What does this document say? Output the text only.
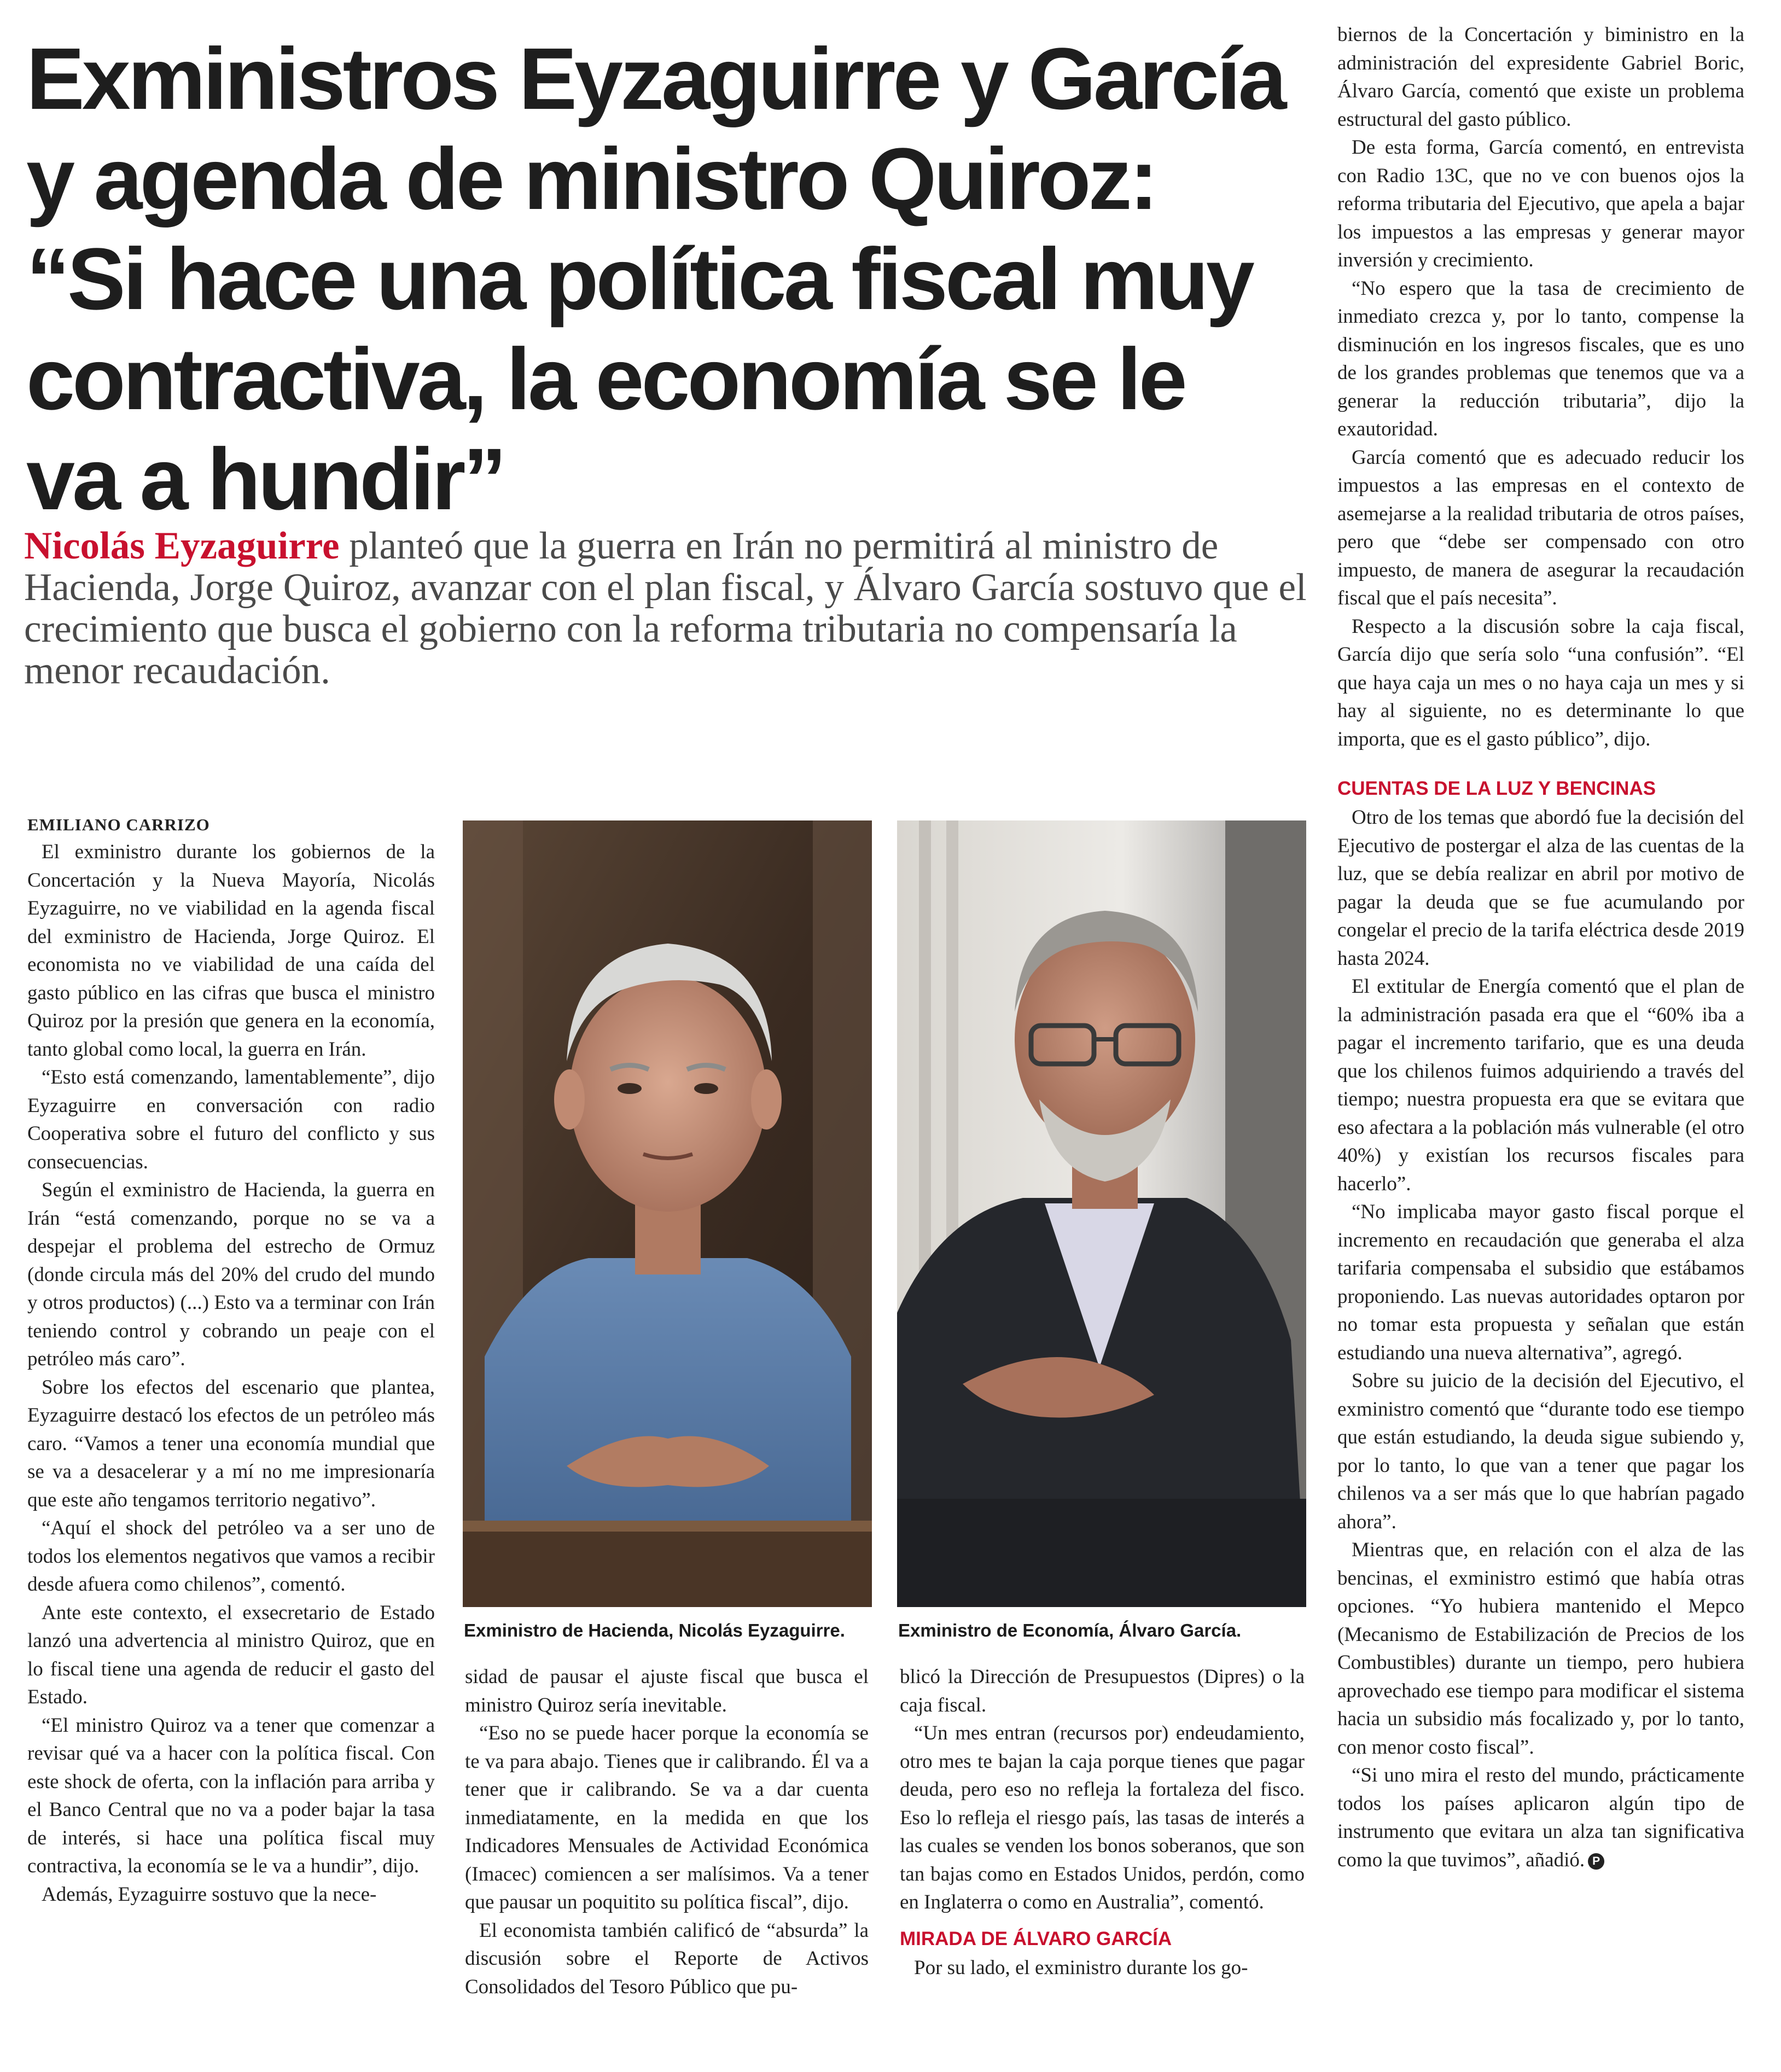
Exministros Eyzaguirre y García
y agenda de ministro Quiroz:
“Si hace una política fiscal muy
contractiva, la economía se le
va a hundir”
Nicolás Eyzaguirre planteó que la guerra en Irán no permitirá al ministro de
Hacienda, Jorge Quiroz, avanzar con el plan fiscal, y Álvaro García sostuvo que el
crecimiento que busca el gobierno con la reforma tributaria no compensaría la
menor recaudación.
EMILIANO CARRIZO

El exministro durante los gobiernos de la Concertación y la Nueva Mayoría, Nicolás Eyzaguirre, no ve viabilidad en la agenda fiscal del exministro de Hacienda, Jorge Quiroz. El economista no ve viabilidad de una caída del gasto público en las cifras que busca el ministro Quiroz por la presión que genera en la economía, tanto global como local, la guerra en Irán.

“Esto está comenzando, lamentablemente”, dijo Eyzaguirre en conversación con radio Cooperativa sobre el futuro del conflicto y sus consecuencias.

Según el exministro de Hacienda, la guerra en Irán “está comenzando, porque no se va a despejar el problema del estrecho de Ormuz (donde circula más del 20% del crudo del mundo y otros productos) (...) Esto va a terminar con Irán teniendo control y cobrando un peaje con el petróleo más caro”.

Sobre los efectos del escenario que plantea, Eyzaguirre destacó los efectos de un petróleo más caro. “Vamos a tener una economía mundial que se va a desacelerar y a mí no me impresionaría que este año tengamos territorio negativo”.

“Aquí el shock del petróleo va a ser uno de todos los elementos negativos que vamos a recibir desde afuera como chilenos”, comentó.

Ante este contexto, el exsecretario de Estado lanzó una advertencia al ministro Quiroz, que en lo fiscal tiene una agenda de reducir el gasto del Estado.

“El ministro Quiroz va a tener que comenzar a revisar qué va a hacer con la política fiscal. Con este shock de oferta, con la inflación para arriba y el Banco Central que no va a poder bajar la tasa de interés, si hace una política fiscal muy contractiva, la economía se le va a hundir”, dijo.

Además, Eyzaguirre sostuvo que la nece-

Exministro de Hacienda, Nicolás Eyzaguirre.	Exministro de Economía, Álvaro García.

sidad de pausar el ajuste fiscal que busca el ministro Quiroz sería inevitable.

“Eso no se puede hacer porque la economía se te va para abajo. Tienes que ir calibrando. Él va a tener que ir calibrando. Se va a dar cuenta inmediatamente, en la medida en que los Indicadores Mensuales de Actividad Económica (Imacec) comiencen a ser malísimos. Va a tener que pausar un poquitito su política fiscal”, dijo.

El economista también calificó de “absurda” la discusión sobre el Reporte de Activos Consolidados del Tesoro Público que pu-

blicó la Dirección de Presupuestos (Dipres) o la caja fiscal.

“Un mes entran (recursos por) endeudamiento, otro mes te bajan la caja porque tienes que pagar deuda, pero eso no refleja la fortaleza del fisco. Eso lo refleja el riesgo país, las tasas de interés a las cuales se venden los bonos soberanos, que son tan bajas como en Estados Unidos, perdón, como en Inglaterra o como en Australia”, comentó.

MIRADA DE ÁLVARO GARCÍA

Por su lado, el exministro durante los go-

biernos de la Concertación y biministro en la administración del expresidente Gabriel Boric, Álvaro García, comentó que existe un problema estructural del gasto público.

De esta forma, García comentó, en entrevista con Radio 13C, que no ve con buenos ojos la reforma tributaria del Ejecutivo, que apela a bajar los impuestos a las empresas y generar mayor inversión y crecimiento.

“No espero que la tasa de crecimiento de inmediato crezca y, por lo tanto, compense la disminución en los ingresos fiscales, que es uno de los grandes problemas que tenemos que va a generar la reducción tributaria”, dijo la exautoridad.

García comentó que es adecuado reducir los impuestos a las empresas en el contexto de asemejarse a la realidad tributaria de otros países, pero que “debe ser compensado con otro impuesto, de manera de asegurar la recaudación fiscal que el país necesita”.

Respecto a la discusión sobre la caja fiscal, García dijo que sería solo “una confusión”. “El que haya caja un mes o no haya caja un mes y si hay al siguiente, no es determinante lo que importa, que es el gasto público”, dijo.

CUENTAS DE LA LUZ Y BENCINAS

Otro de los temas que abordó fue la decisión del Ejecutivo de postergar el alza de las cuentas de la luz, que se debía realizar en abril por motivo de pagar la deuda que se fue acumulando por congelar el precio de la tarifa eléctrica desde 2019 hasta 2024.

El extitular de Energía comentó que el plan de la administración pasada era que el “60% iba a pagar el incremento tarifario, que es una deuda que los chilenos fuimos adquiriendo a través del tiempo; nuestra propuesta era que se evitara que eso afectara a la población más vulnerable (el otro 40%) y existían los recursos fiscales para hacerlo”.

“No implicaba mayor gasto fiscal porque el incremento en recaudación que generaba el alza tarifaria compensaba el subsidio que estábamos proponiendo. Las nuevas autoridades optaron por no tomar esta propuesta y señalan que están estudiando una nueva alternativa”, agregó.

Sobre su juicio de la decisión del Ejecutivo, el exministro comentó que “durante todo ese tiempo que están estudiando, la deuda sigue subiendo y, por lo tanto, lo que van a tener que pagar los chilenos va a ser más que lo que habrían pagado ahora”.

Mientras que, en relación con el alza de las bencinas, el exministro estimó que había otras opciones. “Yo hubiera mantenido el Mepco (Mecanismo de Estabilización de Precios de los Combustibles) durante un tiempo, pero hubiera aprovechado ese tiempo para modificar el sistema hacia un subsidio más focalizado y, por lo tanto, con menor costo fiscal”.

“Si uno mira el resto del mundo, prácticamente todos los países aplicaron algún tipo de instrumento que evitara un alza tan significativa como la que tuvimos”, añadió. P
